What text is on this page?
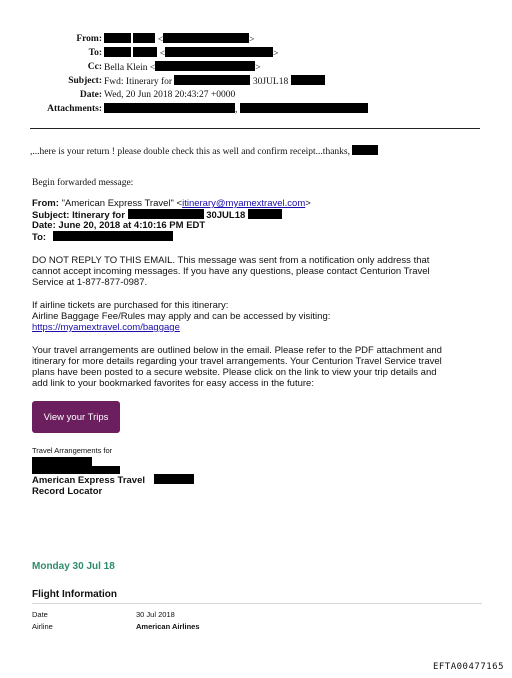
From:	<	>
To:	<	>
Cc: Bella Klein <	>
Subject: Fwd: Itinerary for	30JUL18
Date: Wed, 20 Jun 2018 20:43:27 +0000
Attachments:	,
,...here is your return ! please double check this as well and confirm receipt...thanks,
Begin forwarded message:
From: "American Express Travel" <itinerary@myamextravel.com>
Subject: Itinerary for	30JUL18
Date: June 20, 2018 at 4:10:16 PM EDT
To:
DO NOT REPLY TO THIS EMAIL. This message was sent from a notification only address that
cannot accept incoming messages. If you have any questions, please contact Centurion Travel
Service at 1-877-877-0987.
If airline tickets are purchased for this itinerary:
Airline Baggage Fee/Rules may apply and can be accessed by visiting:
https://myamextravel.com/baggage
Your travel arrangements are outlined below in the email. Please refer to the PDF attachment and
itinerary for more details regarding your travel arrangements. Your Centurion Travel Service travel
plans have been posted to a secure website. Please click on the link to view your trip details and
add link to your bookmarked favorites for easy access in the future:
View your Trips
Travel Arrangements for
American Express Travel
Record Locator
Monday 30 Jul 18
Flight Information
Date	30 Jul 2018
Airline	American Airlines
EFTA00477165
